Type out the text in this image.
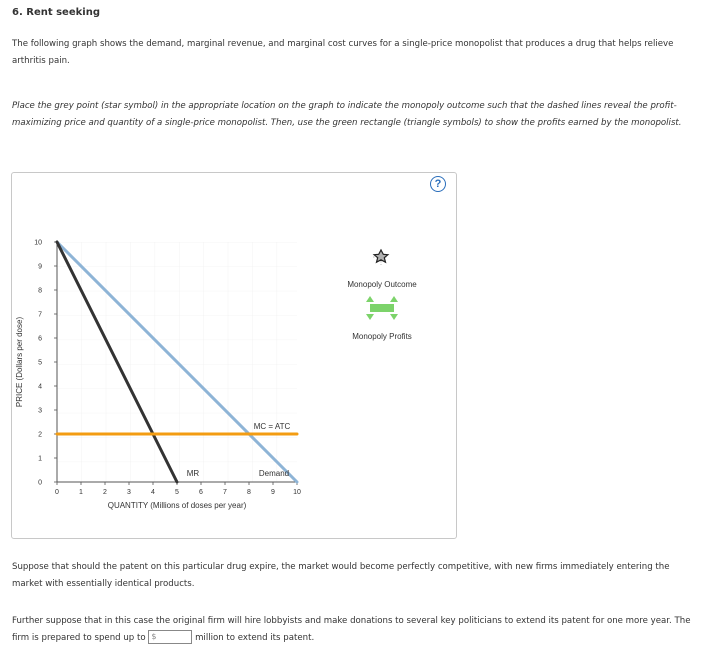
6. Rent seeking

The following graph shows the demand, marginal revenue, and marginal cost curves for a single-price monopolist that produces a drug that helps relieve arthritis pain.

Place the grey point (star symbol) in the appropriate location on the graph to indicate the monopoly outcome such that the dashed lines reveal the profit-maximizing price and quantity of a single-price monopolist. Then, use the green rectangle (triangle symbols) to show the profits earned by the monopolist.

?
0	1	2	3	4	5	6	7	8	9	10
0
1
2
3
4
5
6
7
8
9
10
PRICE (Dollars per dose)
QUANTITY (Millions of doses per year)
MC = ATC
MR	Demand
Monopoly Outcome
Monopoly Profits

Suppose that should the patent on this particular drug expire, the market would become perfectly competitive, with new firms immediately entering the market with essentially identical products.

Further suppose that in this case the original firm will hire lobbyists and make donations to several key politicians to extend its patent for one more year. The firm is prepared to spend up to $	million to extend its patent.
